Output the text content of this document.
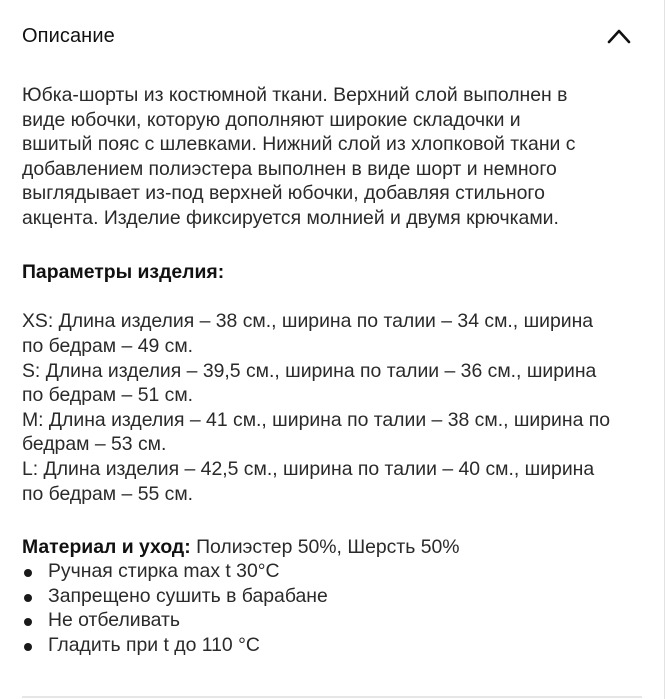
Описание

Юбка-шорты из костюмной ткани. Верхний слой выполнен в

виде юбочки, которую дополняют широкие складочки и

вшитый пояс с шлевками. Нижний слой из хлопковой ткани с

добавлением полиэстера выполнен в виде шорт и немного

выглядывает из-под верхней юбочки, добавляя стильного

акцента. Изделие фиксируется молнией и двумя крючками.

Параметры изделия:

XS: Длина изделия – 38 см., ширина по талии – 34 см., ширина

по бедрам – 49 см.

S: Длина изделия – 39,5 см., ширина по талии – 36 см., ширина

по бедрам – 51 см.

M: Длина изделия – 41 см., ширина по талии – 38 см., ширина по

бедрам – 53 см.

L: Длина изделия – 42,5 см., ширина по талии – 40 см., ширина

по бедрам – 55 см.

Материал и уход: Полиэстер 50%, Шерсть 50%

Ручная стирка max t 30°C
Запрещено сушить в барабане
Не отбеливать
Гладить при t до 110 °C
